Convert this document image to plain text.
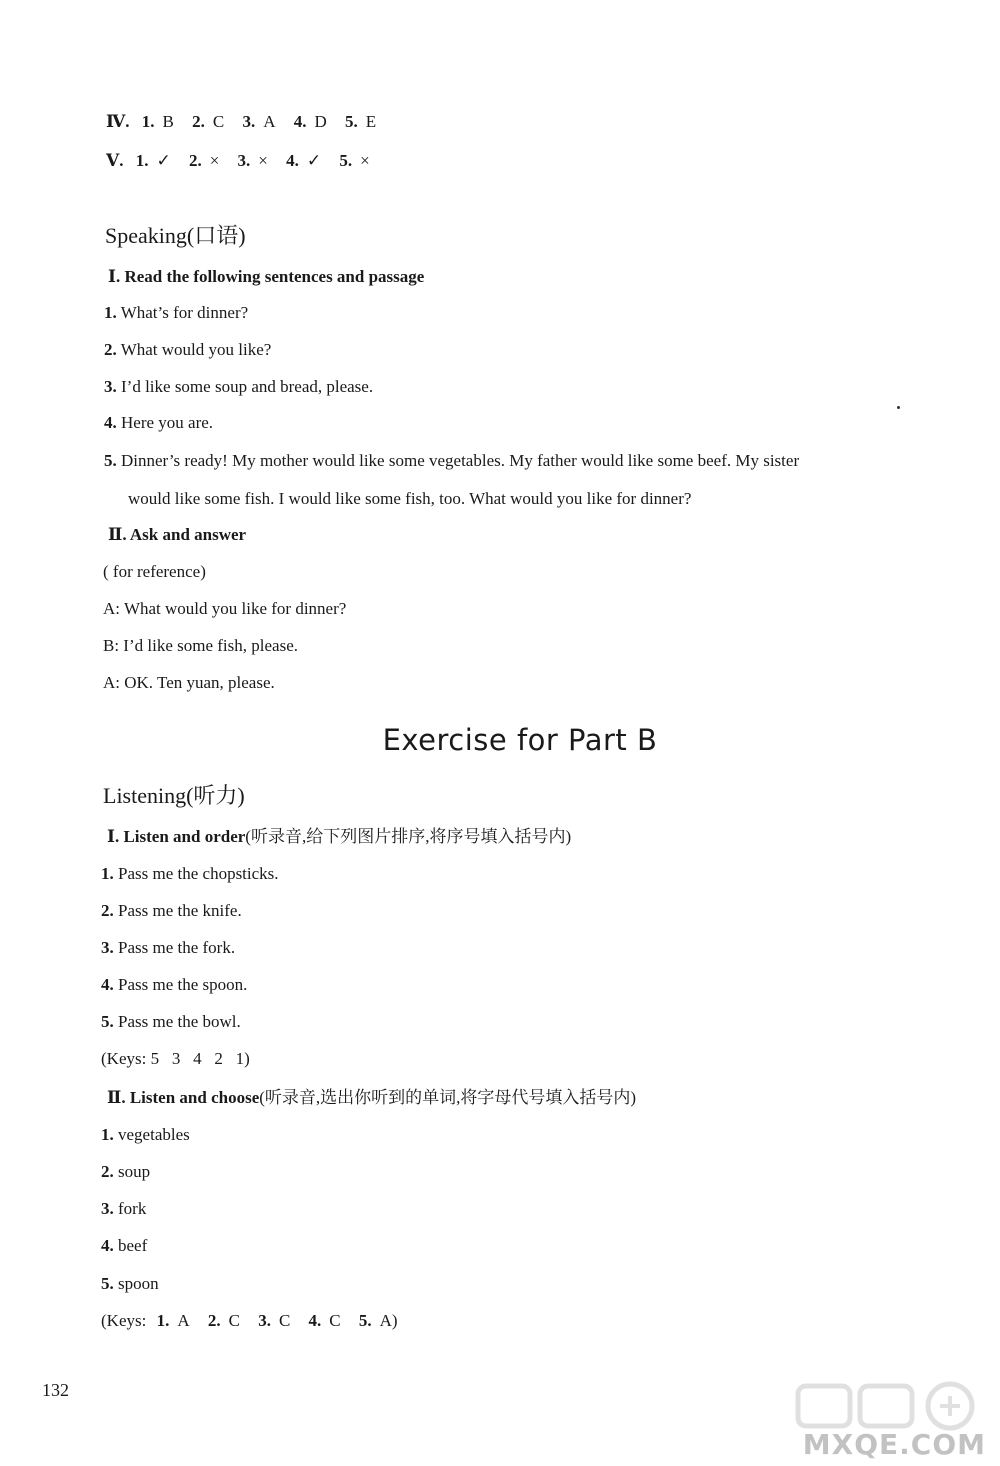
Ⅳ. 1. B 2. C 3. A 4. D 5. E
Ⅴ. 1. ✓ 2. × 3. × 4. ✓ 5. ×
Speaking(口语)
Ⅰ. Read the following sentences and passage
1. What’s for dinner?
2. What would you like?
3. I’d like some soup and bread, please.
4. Here you are.
5. Dinner’s ready! My mother would like some vegetables. My father would like some beef. My sister
would like some fish. I would like some fish, too. What would you like for dinner?
Ⅱ. Ask and answer
( for reference)
A: What would you like for dinner?
B: I’d like some fish, please.
A: OK. Ten yuan, please.
Exercise for Part B
Listening(听力)
Ⅰ. Listen and order(听录音,给下列图片排序,将序号填入括号内)
1. Pass me the chopsticks.
2. Pass me the knife.
3. Pass me the fork.
4. Pass me the spoon.
5. Pass me the bowl.
(Keys: 5   3   4   2   1)
Ⅱ. Listen and choose(听录音,选出你听到的单词,将字母代号填入括号内)
1. vegetables
2. soup
3. fork
4. beef
5. spoon
(Keys: 1. A 2. C 3. C 4. C 5. A)
132
MXQE.COM
